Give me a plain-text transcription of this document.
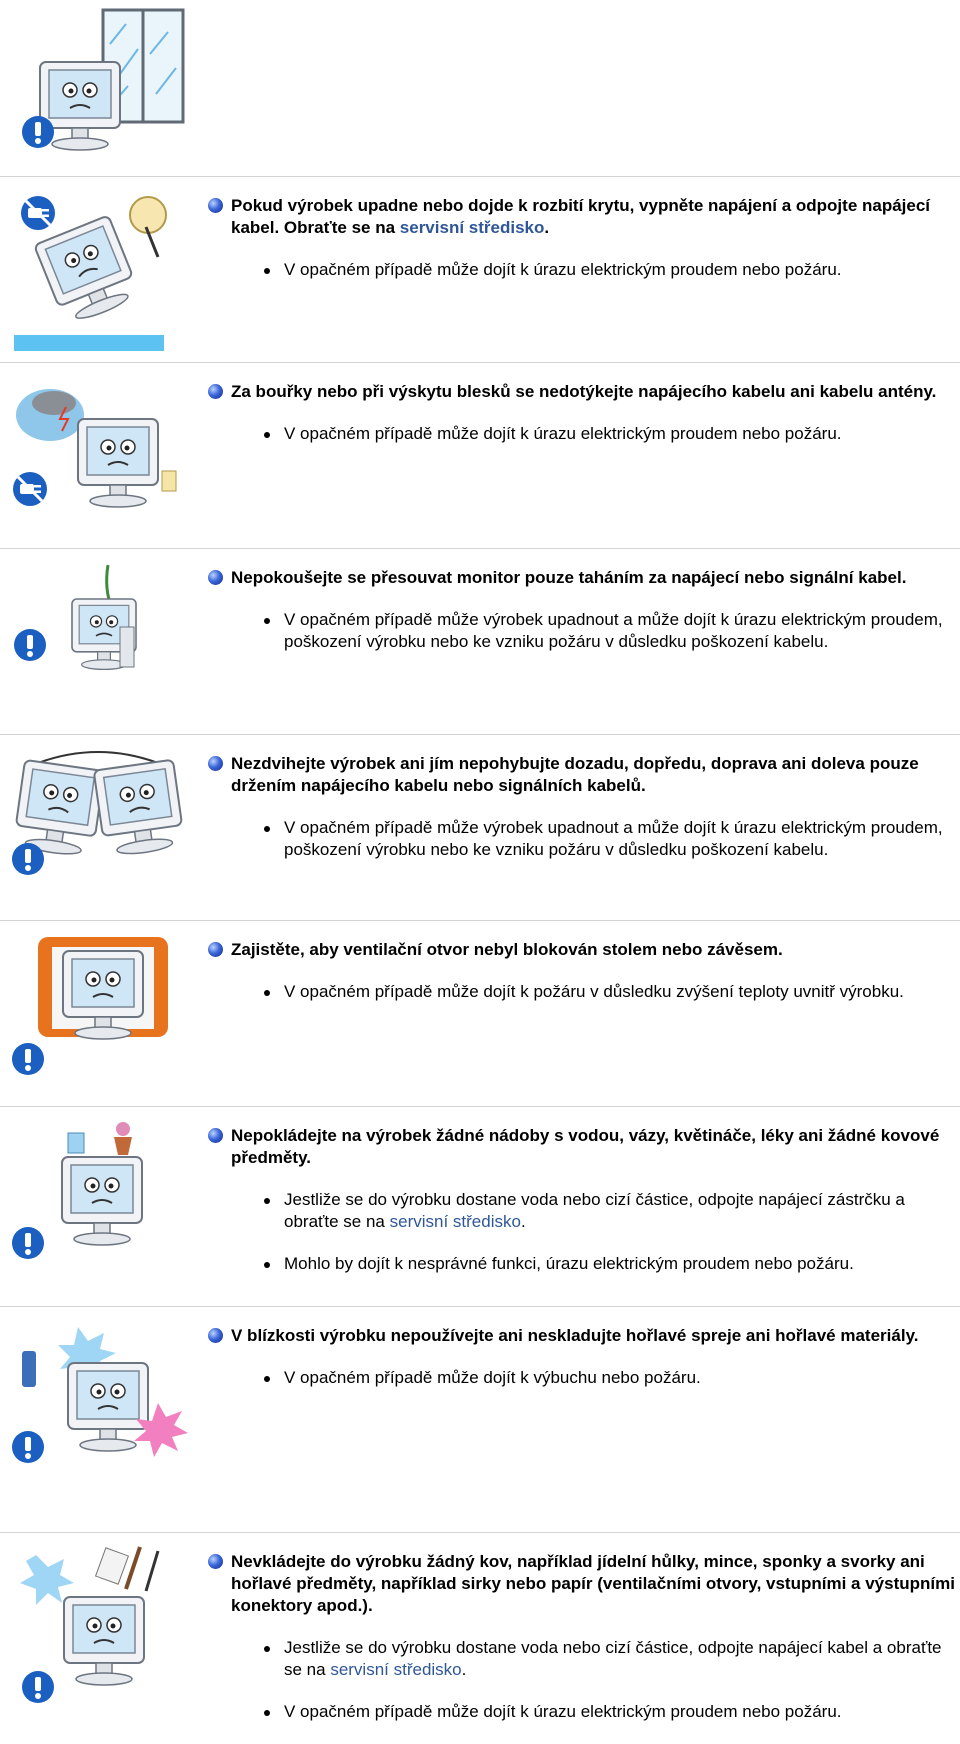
Pokud výrobek upadne nebo dojde k rozbití krytu, vypněte napájení a odpojte napájecí kabel. Obraťte se na servisní středisko.
V opačném případě může dojít k úrazu elektrickým proudem nebo požáru.
Za bouřky nebo při výskytu blesků se nedotýkejte napájecího kabelu ani kabelu antény.
V opačném případě může dojít k úrazu elektrickým proudem nebo požáru.
Nepokoušejte se přesouvat monitor pouze taháním za napájecí nebo signální kabel.
V opačném případě může výrobek upadnout a může dojít k úrazu elektrickým proudem, poškození výrobku nebo ke vzniku požáru v důsledku poškození kabelu.
Nezdvihejte výrobek ani jím nepohybujte dozadu, dopředu, doprava ani doleva pouze držením napájecího kabelu nebo signálních kabelů.
V opačném případě může výrobek upadnout a může dojít k úrazu elektrickým proudem, poškození výrobku nebo ke vzniku požáru v důsledku poškození kabelu.
Zajistěte, aby ventilační otvor nebyl blokován stolem nebo závěsem.
V opačném případě může dojít k požáru v důsledku zvýšení teploty uvnitř výrobku.
Nepokládejte na výrobek žádné nádoby s vodou, vázy, květináče, léky ani žádné kovové předměty.
Jestliže se do výrobku dostane voda nebo cizí částice, odpojte napájecí zástrčku a obraťte se na servisní středisko.
Mohlo by dojít k nesprávné funkci, úrazu elektrickým proudem nebo požáru.
V blízkosti výrobku nepoužívejte ani neskladujte hořlavé spreje ani hořlavé materiály.
V opačném případě může dojít k výbuchu nebo požáru.
Nevkládejte do výrobku žádný kov, například jídelní hůlky, mince, sponky a svorky ani hořlavé předměty, například sirky nebo papír (ventilačními otvory, vstupními a výstupními konektory apod.).
Jestliže se do výrobku dostane voda nebo cizí částice, odpojte napájecí kabel a obraťte se na servisní středisko.
V opačném případě může dojít k úrazu elektrickým proudem nebo požáru.
